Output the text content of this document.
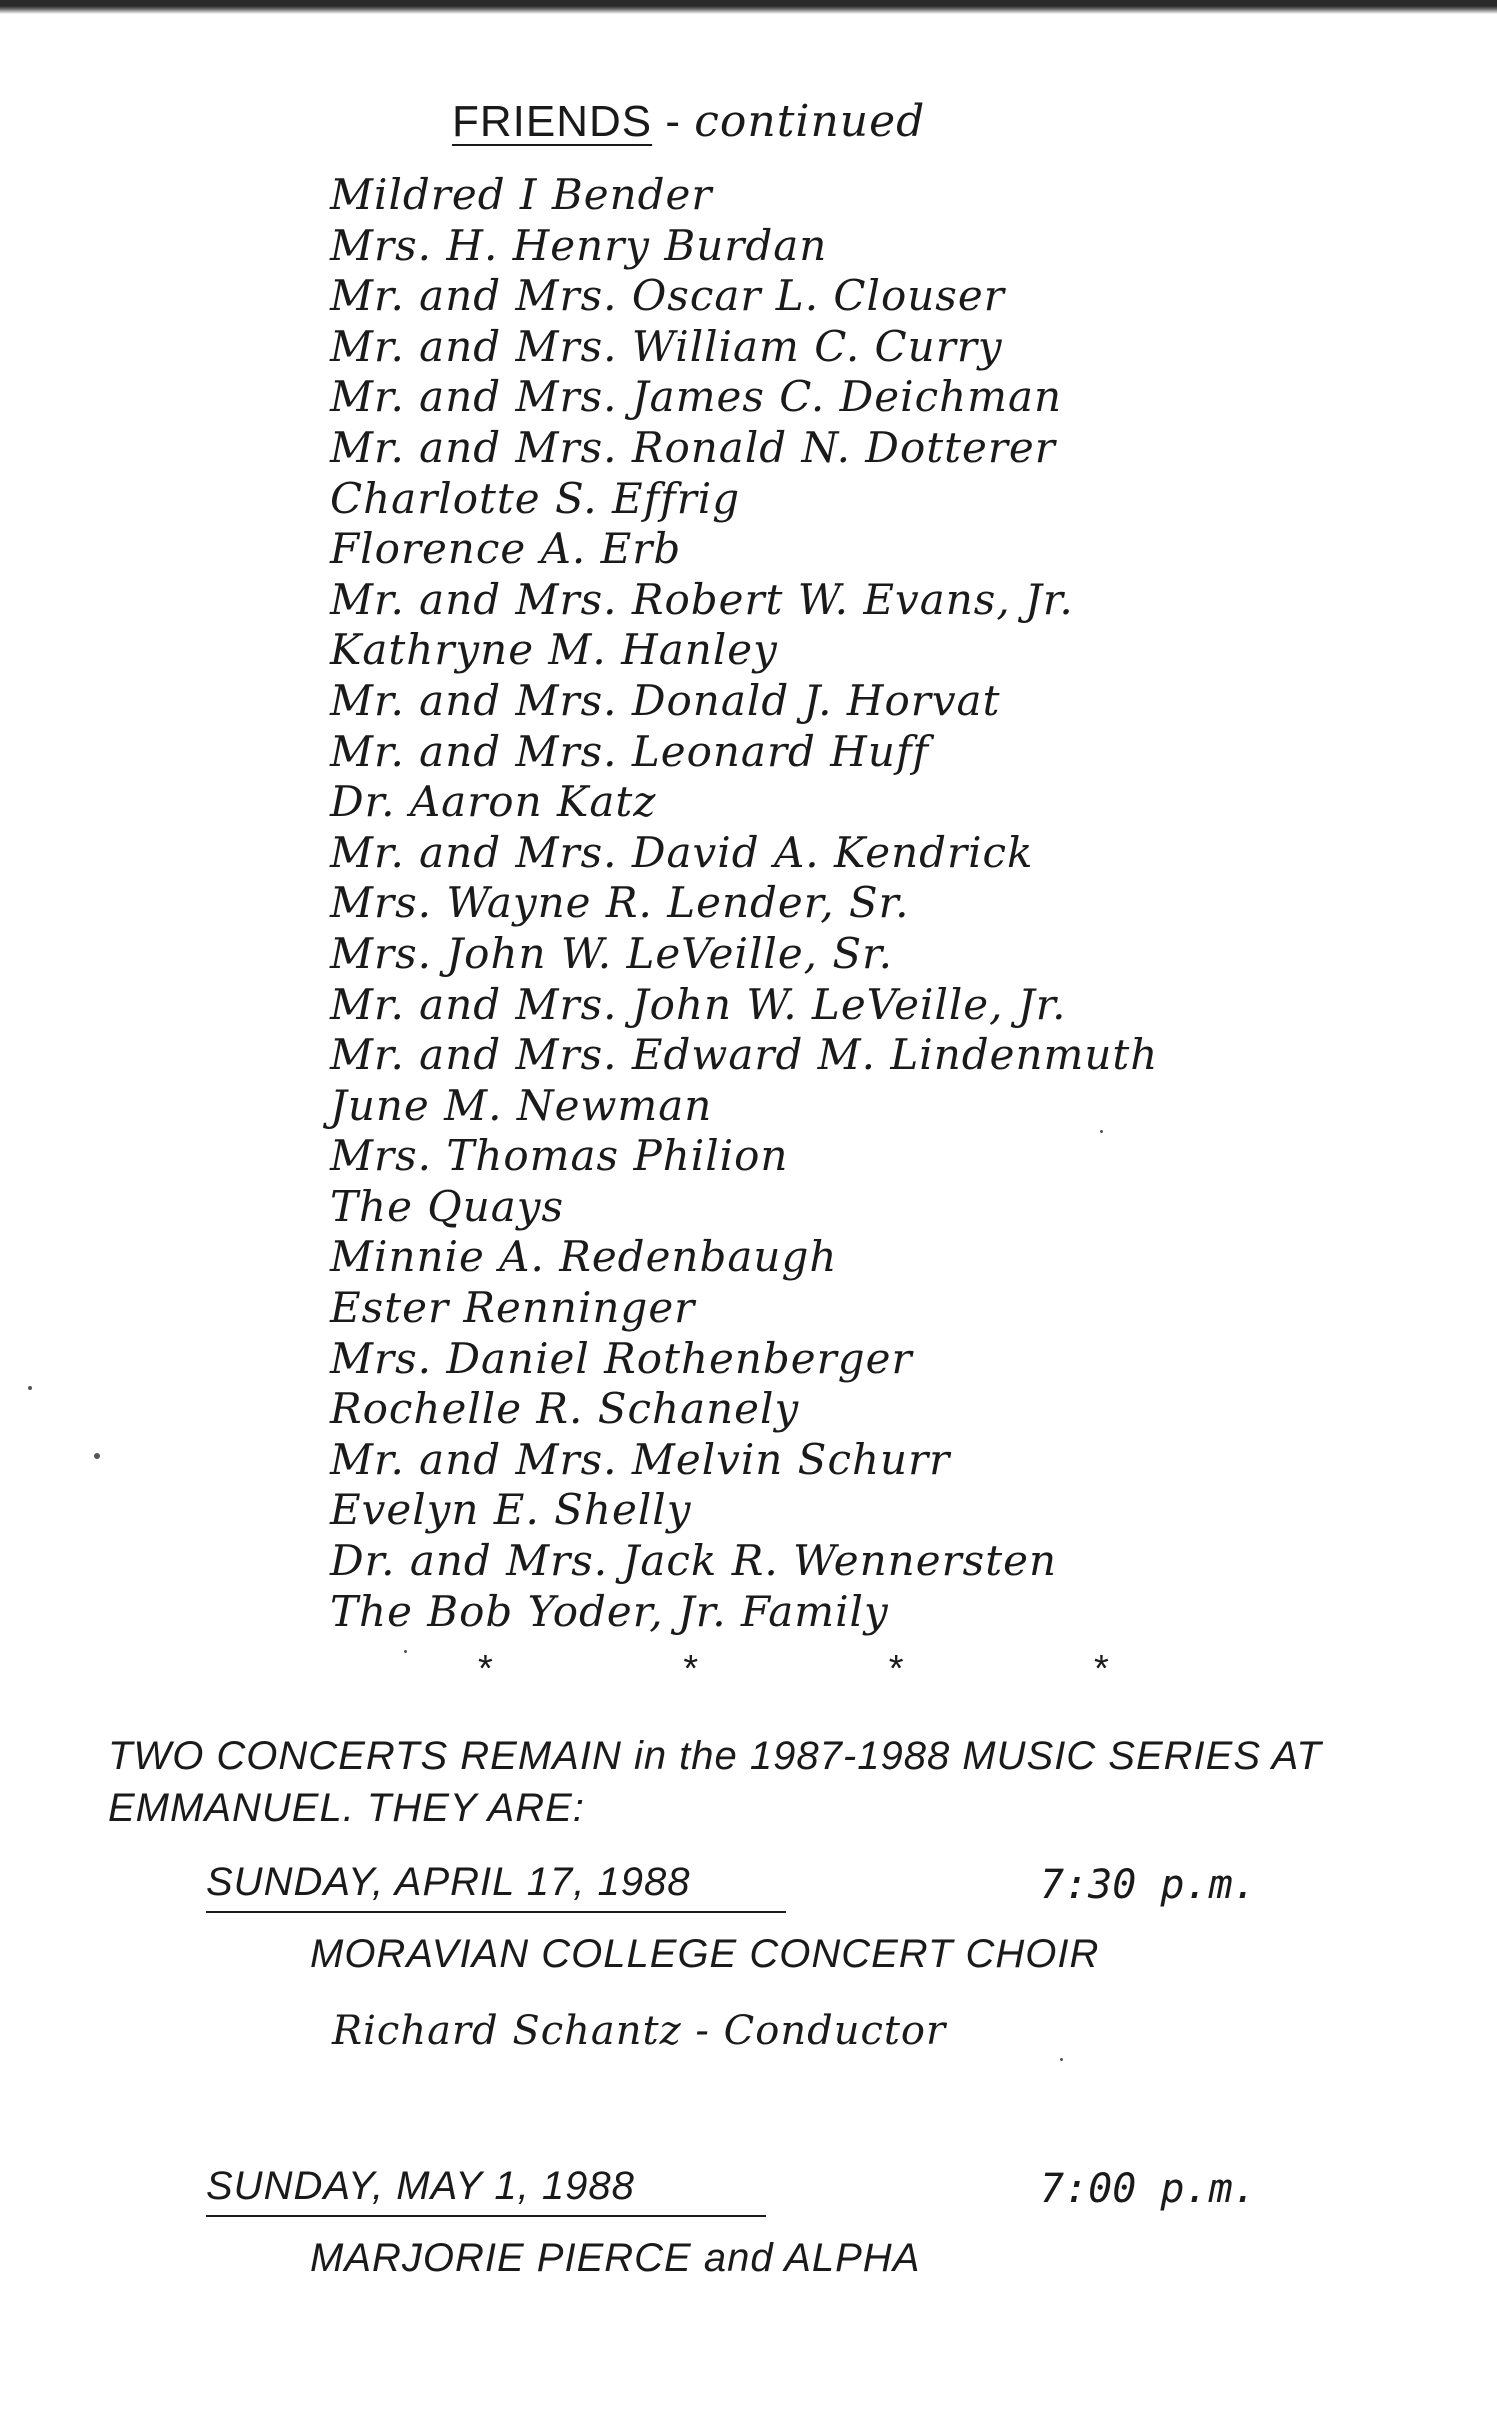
FRIENDS - continued
Mildred I Bender
Mrs. H. Henry Burdan
Mr. and Mrs. Oscar L. Clouser
Mr. and Mrs. William C. Curry
Mr. and Mrs. James C. Deichman
Mr. and Mrs. Ronald N. Dotterer
Charlotte S. Effrig
Florence A. Erb
Mr. and Mrs. Robert W. Evans, Jr.
Kathryne M. Hanley
Mr. and Mrs. Donald J. Horvat
Mr. and Mrs. Leonard Huff
Dr. Aaron Katz
Mr. and Mrs. David A. Kendrick
Mrs. Wayne R. Lender, Sr.
Mrs. John W. LeVeille, Sr.
Mr. and Mrs. John W. LeVeille, Jr.
Mr. and Mrs. Edward M. Lindenmuth
June M. Newman
Mrs. Thomas Philion
The Quays
Minnie A. Redenbaugh
Ester Renninger
Mrs. Daniel Rothenberger
Rochelle R. Schanely
Mr. and Mrs. Melvin Schurr
Evelyn E. Shelly
Dr. and Mrs. Jack R. Wennersten
The Bob Yoder, Jr. Family
* * * *
TWO CONCERTS REMAIN in the 1987-1988 MUSIC SERIES AT EMMANUEL. THEY ARE:
SUNDAY, APRIL 17, 1988	7:30 p.m.
MORAVIAN COLLEGE CONCERT CHOIR
Richard Schantz - Conductor
SUNDAY, MAY 1, 1988	7:00 p.m.
MARJORIE PIERCE and ALPHA
